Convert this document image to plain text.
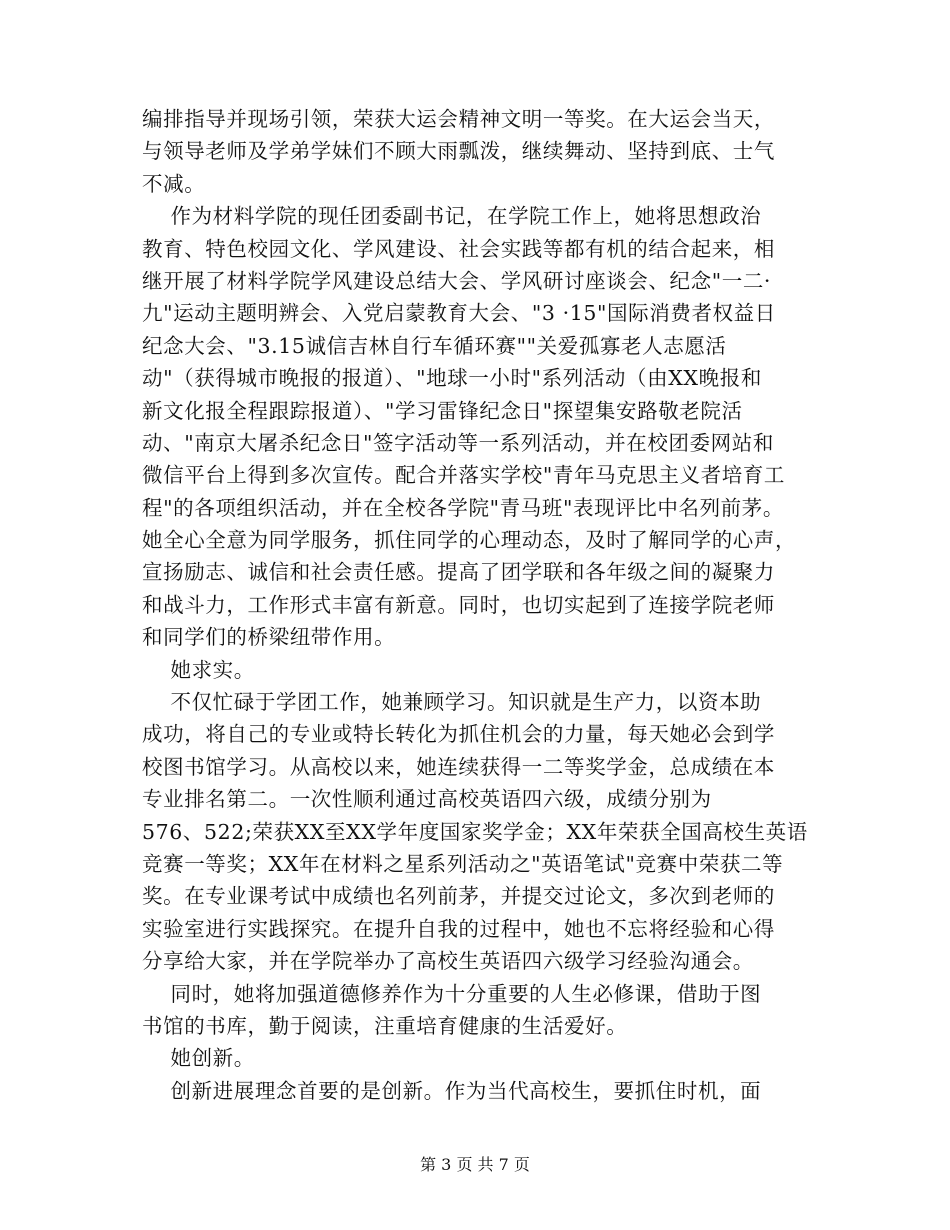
编排指导并现场引领，荣获大运会精神文明一等奖。在大运会当天，
与领导老师及学弟学妹们不顾大雨瓢泼，继续舞动、坚持到底、士气
不减。
作为材料学院的现任团委副书记，在学院工作上，她将思想政治
教育、特色校园文化、学风建设、社会实践等都有机的结合起来，相
继开展了材料学院学风建设总结大会、学风研讨座谈会、纪念"一二·
九"运动主题明辨会、入党启蒙教育大会、"3 ·15"国际消费者权益日
纪念大会、"3.15诚信吉林自行车循环赛""关爱孤寡老人志愿活
动"（获得城市晚报的报道）、"地球一小时"系列活动（由XX晚报和
新文化报全程跟踪报道）、"学习雷锋纪念日"探望集安路敬老院活
动、"南京大屠杀纪念日"签字活动等一系列活动，并在校团委网站和
微信平台上得到多次宣传。配合并落实学校"青年马克思主义者培育工
程"的各项组织活动，并在全校各学院"青马班"表现评比中名列前茅。
她全心全意为同学服务，抓住同学的心理动态，及时了解同学的心声，
宣扬励志、诚信和社会责任感。提高了团学联和各年级之间的凝聚力
和战斗力，工作形式丰富有新意。同时，也切实起到了连接学院老师
和同学们的桥梁纽带作用。
她求实。
不仅忙碌于学团工作，她兼顾学习。知识就是生产力，以资本助
成功，将自己的专业或特长转化为抓住机会的力量，每天她必会到学
校图书馆学习。从高校以来，她连续获得一二等奖学金，总成绩在本
专业排名第二。一次性顺利通过高校英语四六级，成绩分别为
576、522;荣获XX至XX学年度国家奖学金；XX年荣获全国高校生英语
竞赛一等奖；XX年在材料之星系列活动之"英语笔试"竞赛中荣获二等
奖。在专业课考试中成绩也名列前茅，并提交过论文，多次到老师的
实验室进行实践探究。在提升自我的过程中，她也不忘将经验和心得
分享给大家，并在学院举办了高校生英语四六级学习经验沟通会。
同时，她将加强道德修养作为十分重要的人生必修课，借助于图
书馆的书库，勤于阅读，注重培育健康的生活爱好。
她创新。
创新进展理念首要的是创新。作为当代高校生，要抓住时机，面
第 3 页 共 7 页
